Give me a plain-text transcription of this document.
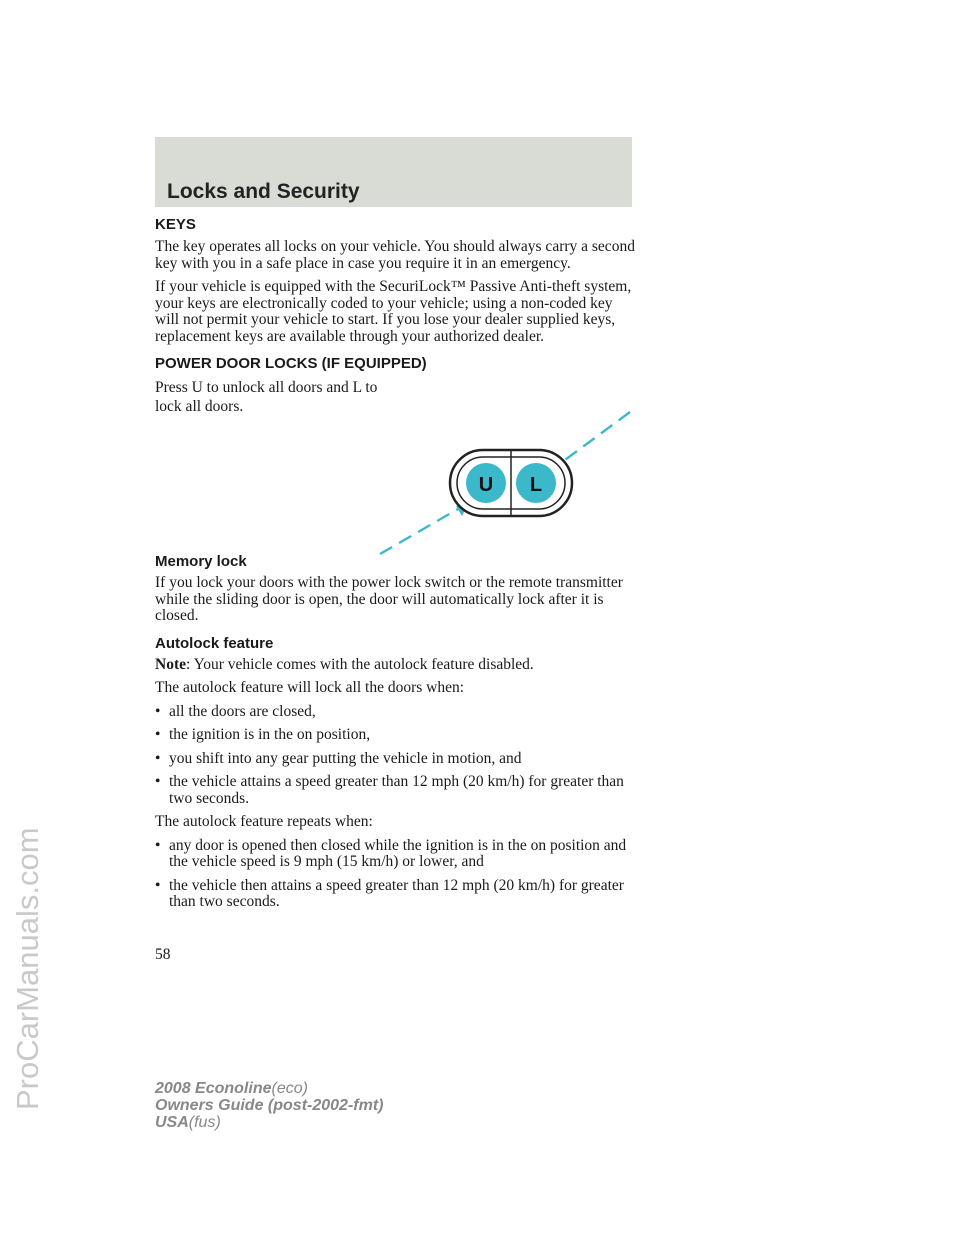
ProCarManuals.com
Locks and Security
KEYS

The key operates all locks on your vehicle. You should always carry a second key with you in a safe place in case you require it in an emergency.

If your vehicle is equipped with the SecuriLock™ Passive Anti-theft system, your keys are electronically coded to your vehicle; using a non-coded key will not permit your vehicle to start. If you lose your dealer supplied keys, replacement keys are available through your authorized dealer.

POWER DOOR LOCKS (IF EQUIPPED)

Press U to unlock all doors and L to lock all doors.

Memory lock

If you lock your doors with the power lock switch or the remote transmitter while the sliding door is open, the door will automatically lock after it is closed.

Autolock feature

Note: Your vehicle comes with the autolock feature disabled.

The autolock feature will lock all the doors when:

• all the doors are closed,
• the ignition is in the on position,
• you shift into any gear putting the vehicle in motion, and
• the vehicle attains a speed greater than 12 mph (20 km/h) for greater than two seconds.

The autolock feature repeats when:

• any door is opened then closed while the ignition is in the on position and the vehicle speed is 9 mph (15 km/h) or lower, and
• the vehicle then attains a speed greater than 12 mph (20 km/h) for greater than two seconds.
U L
58
2008 Econoline(eco)
Owners Guide (post-2002-fmt)
USA(fus)
